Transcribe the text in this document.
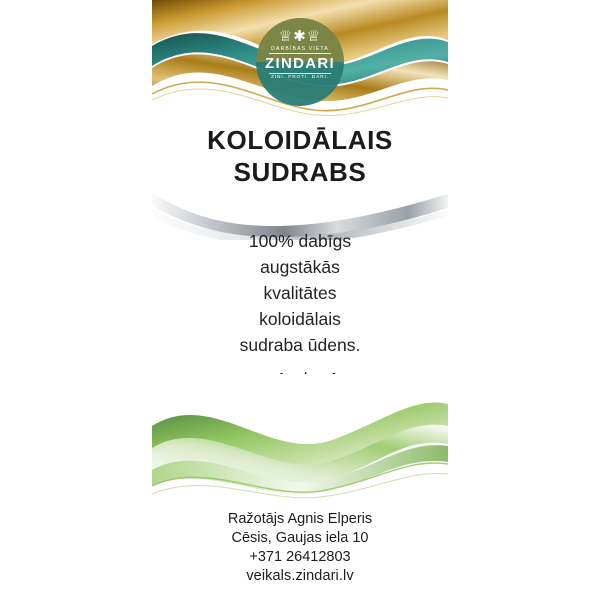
♕✱♕
DARBĪBAS VIETA
ZINDARI
ZINI. PROTI. DARI.
KOLOIDĀLAIS
SUDRABS
100% dabīgs
augstākās
kvalitātes
koloidālais
sudraba ūdens.
Ražotājs Agnis Elperis
Cēsis, Gaujas iela 10
+371 26412803
veikals.zindari.lv
